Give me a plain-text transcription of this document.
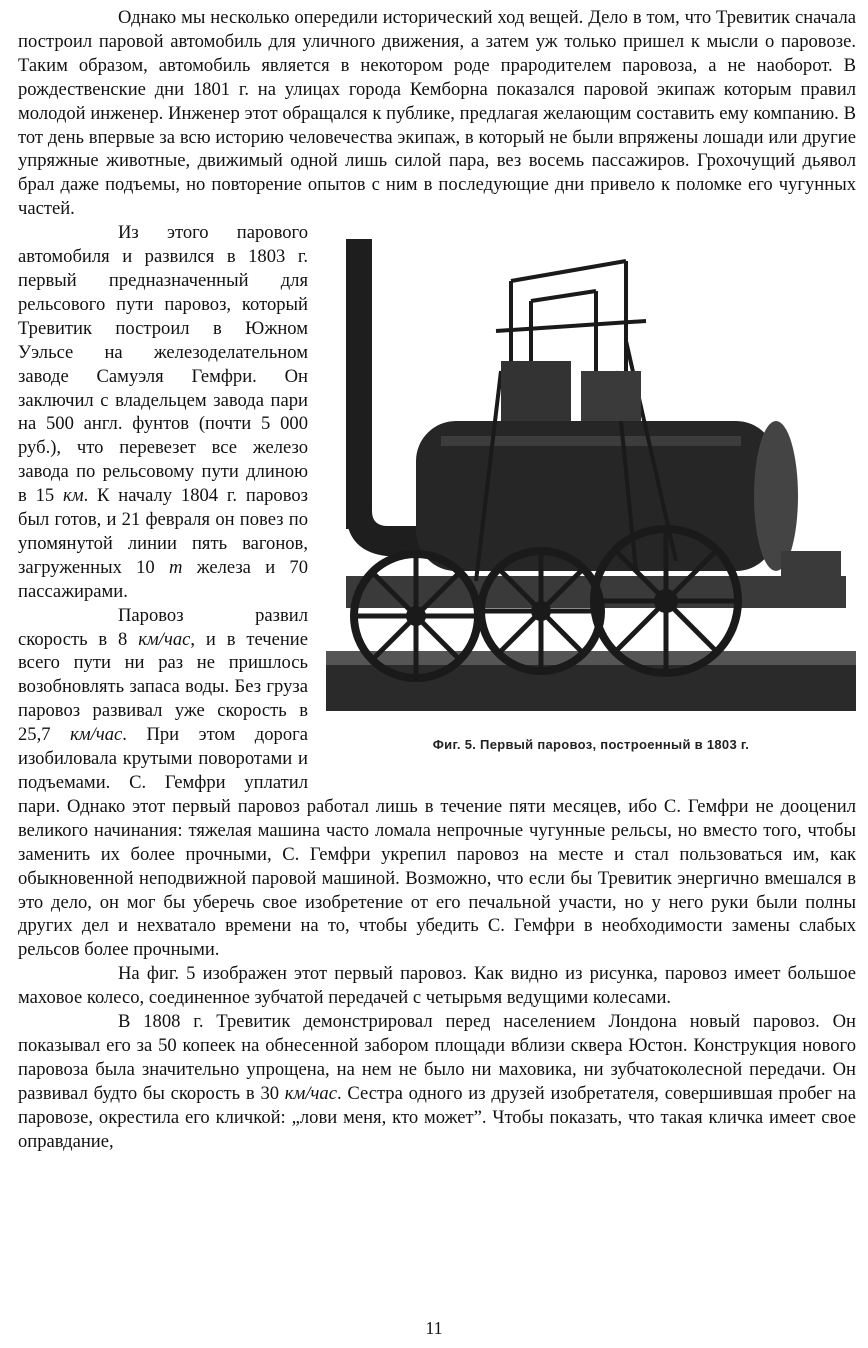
Однако мы несколько опередили исторический ход вещей. Дело в том, что Тревитик сначала построил паровой автомобиль для уличного движения, а затем уж только пришел к мысли о паровозе. Таким образом, автомобиль является в некотором роде прародителем паровоза, а не наоборот. В рождественские дни 1801 г. на улицах города Кемборна показался паровой экипаж которым правил молодой инженер. Инженер этот обращался к публике, предлагая желающим составить ему компанию. В тот день впервые за всю историю человечества экипаж, в который не были впряжены лошади или другие упряжные животные, движимый одной лишь силой пара, вез восемь пассажиров. Грохочущий дьявол брал даже подъемы, но повторение опытов с ним в последующие дни привело к поломке его чугунных частей.

Фиг. 5. Первый паровоз, построенный в 1803 г.

Из этого парового автомобиля и развился в 1803 г. первый предназначенный для рельсового пути паровоз, который Тревитик построил в Южном Уэльсе на железоделательном заводе Самуэля Гемфри. Он заключил с владельцем завода пари на 500 англ. фунтов (почти 5 000 руб.), что перевезет все железо завода по рельсовому пути длиною в 15 км. К началу 1804 г. паровоз был готов, и 21 февраля он повез по упомянутой линии пять вагонов, загруженных 10 т железа и 70 пассажирами.

Паровоз развил скорость в 8 км/час, и в течение всего пути ни раз не пришлось возобновлять запаса воды. Без груза паровоз развивал уже скорость в 25,7 км/час. При этом дорога изобиловала крутыми поворотами и подъемами. С. Гемфри уплатил пари. Однако этот первый паровоз работал лишь в течение пяти месяцев, ибо С. Гемфри не дооценил великого начинания: тяжелая машина часто ломала непрочные чугунные рельсы, но вместо того, чтобы заменить их более прочными, С. Гемфри укрепил паровоз на месте и стал пользоваться им, как обыкновенной неподвижной паровой машиной. Возможно, что если бы Тревитик энергично вмешался в это дело, он мог бы уберечь свое изобретение от его печальной участи, но у него руки были полны других дел и нехватало времени на то, чтобы убедить С. Гемфри в необходимости замены слабых рельсов более прочными.

На фиг. 5 изображен этот первый паровоз. Как видно из рисунка, паровоз имеет большое маховое колесо, соединенное зубчатой передачей с четырьмя ведущими колесами.

В 1808 г. Тревитик демонстрировал перед населением Лондона новый паровоз. Он показывал его за 50 копеек на обнесенной забором площади вблизи сквера Юстон. Конструкция нового паровоза была значительно упрощена, на нем не было ни маховика, ни зубчатоколесной передачи. Он развивал будто бы скорость в 30 км/час. Сестра одного из друзей изобретателя, совершившая пробег на паровозе, окрестила его кличкой: „лови меня, кто может”. Чтобы показать, что такая кличка имеет свое оправдание,

11
